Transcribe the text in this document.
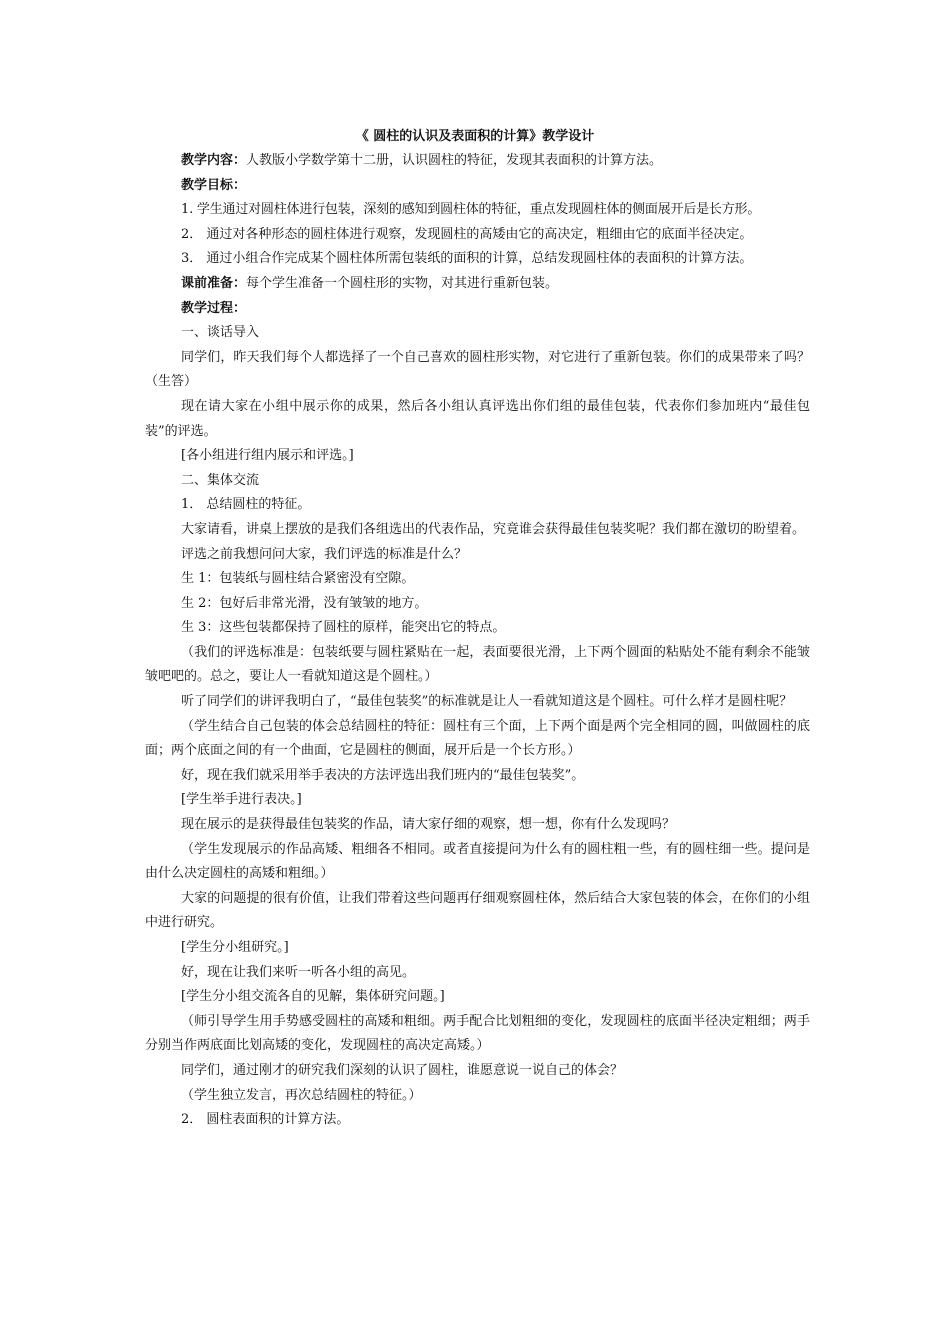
《 圆柱的认识及表面积的计算》教学设计

教学内容：人教版小学数学第十二册，认识圆柱的特征，发现其表面积的计算方法。

教学目标：

1. 学生通过对圆柱体进行包装，深刻的感知到圆柱体的特征，重点发现圆柱体的侧面展开后是长方形。

2． 通过对各种形态的圆柱体进行观察，发现圆柱的高矮由它的高决定，粗细由它的底面半径决定。

3． 通过小组合作完成某个圆柱体所需包装纸的面积的计算，总结发现圆柱体的表面积的计算方法。

课前准备：每个学生准备一个圆柱形的实物，对其进行重新包装。

教学过程：

一、谈话导入

同学们，昨天我们每个人都选择了一个自己喜欢的圆柱形实物，对它进行了重新包装。你们的成果带来了吗？（生答）

现在请大家在小组中展示你的成果，然后各小组认真评选出你们组的最佳包装，代表你们参加班内“最佳包装”的评选。

[各小组进行组内展示和评选。]

二、集体交流

1． 总结圆柱的特征。

大家请看，讲桌上摆放的是我们各组选出的代表作品，究竟谁会获得最佳包装奖呢？我们都在激切的盼望着。

评选之前我想问问大家，我们评选的标准是什么？

生 1：包装纸与圆柱结合紧密没有空隙。

生 2：包好后非常光滑，没有皱皱的地方。

生 3：这些包装都保持了圆柱的原样，能突出它的特点。

（我们的评选标准是：包装纸要与圆柱紧贴在一起，表面要很光滑，上下两个圆面的粘贴处不能有剩余不能皱皱吧吧的。总之，要让人一看就知道这是个圆柱。）

听了同学们的讲评我明白了，“最佳包装奖”的标准就是让人一看就知道这是个圆柱。可什么样才是圆柱呢？

（学生结合自己包装的体会总结圆柱的特征：圆柱有三个面，上下两个面是两个完全相同的圆，叫做圆柱的底面；两个底面之间的有一个曲面，它是圆柱的侧面，展开后是一个长方形。）

好，现在我们就采用举手表决的方法评选出我们班内的“最佳包装奖”。

[学生举手进行表决。]

现在展示的是获得最佳包装奖的作品，请大家仔细的观察，想一想，你有什么发现吗？

（学生发现展示的作品高矮、粗细各不相同。或者直接提问为什么有的圆柱粗一些，有的圆柱细一些。提问是由什么决定圆柱的高矮和粗细。）

大家的问题提的很有价值，让我们带着这些问题再仔细观察圆柱体，然后结合大家包装的体会，在你们的小组中进行研究。

[学生分小组研究。]

好，现在让我们来听一听各小组的高见。

[学生分小组交流各自的见解，集体研究问题。]

（师引导学生用手势感受圆柱的高矮和粗细。两手配合比划粗细的变化，发现圆柱的底面半径决定粗细；两手分别当作两底面比划高矮的变化，发现圆柱的高决定高矮。）

同学们，通过刚才的研究我们深刻的认识了圆柱，谁愿意说一说自己的体会？

（学生独立发言，再次总结圆柱的特征。）

2． 圆柱表面积的计算方法。
